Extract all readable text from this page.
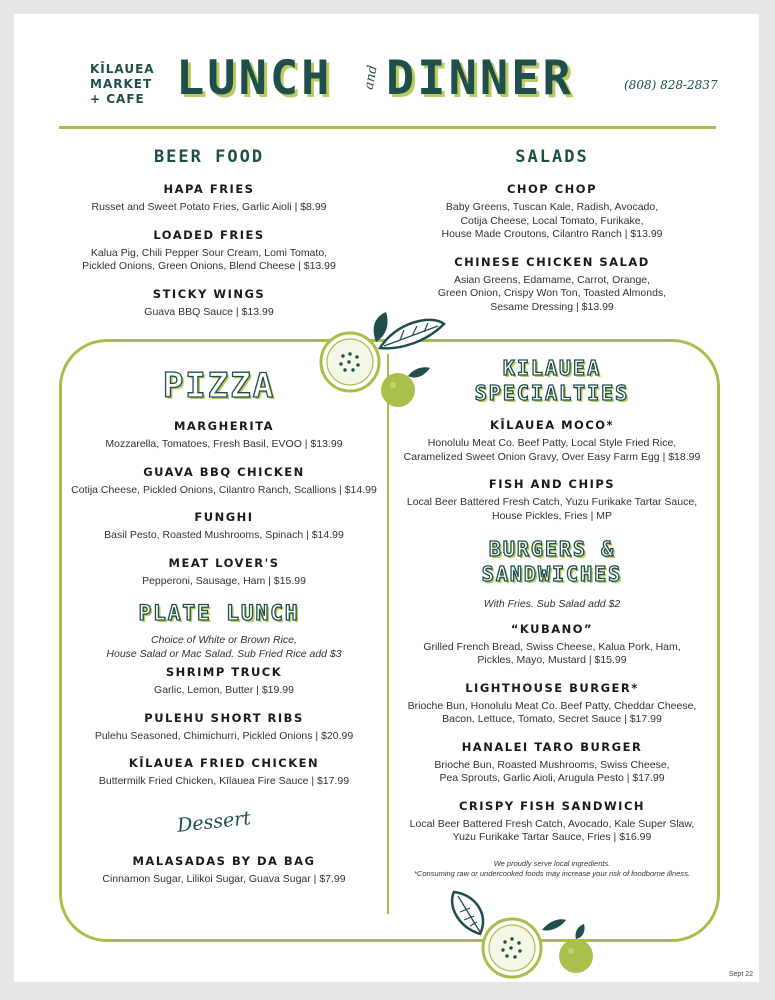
KĪLAUEA
MARKET
+ CAFE LUNCH and DINNER	(808) 828-2837
BEER FOOD
HAPA FRIES
Russet and Sweet Potato Fries, Garlic Aioli | $8.99
LOADED FRIES
Kalua Pig, Chili Pepper Sour Cream, Lomi Tomato,
Pickled Onions, Green Onions, Blend Cheese | $13.99
STICKY WINGS
Guava BBQ Sauce | $13.99
SALADS
CHOP CHOP
Baby Greens, Tuscan Kale, Radish, Avocado,
Cotija Cheese, Local Tomato, Furikake,
House Made Croutons, Cilantro Ranch | $13.99
CHINESE CHICKEN SALAD
Asian Greens, Edamame, Carrot, Orange,
Green Onion, Crispy Won Ton, Toasted Almonds,
Sesame Dressing | $13.99
PIZZA
MARGHERITA
Mozzarella, Tomatoes, Fresh Basil, EVOO | $13.99
GUAVA BBQ CHICKEN
Cotija Cheese, Pickled Onions, Cilantro Ranch, Scallions | $14.99
FUNGHI
Basil Pesto, Roasted Mushrooms, Spinach | $14.99
MEAT LOVER'S
Pepperoni, Sausage, Ham | $15.99
PLATE LUNCH
Choice of White or Brown Rice,
House Salad or Mac Salad. Sub Fried Rice add $3
SHRIMP TRUCK
Garlic, Lemon, Butter | $19.99
PULEHU SHORT RIBS
Pulehu Seasoned, Chimichurri, Pickled Onions | $20.99
KĪLAUEA FRIED CHICKEN
Buttermilk Fried Chicken, Kīlauea Fire Sauce | $17.99
Dessert
MALASADAS BY DA BAG
Cinnamon Sugar, Lilikoi Sugar, Guava Sugar | $7.99
KILAUEA
SPECIALTIES
KĪLAUEA MOCO*
Honolulu Meat Co. Beef Patty, Local Style Fried Rice,
Caramelized Sweet Onion Gravy, Over Easy Farm Egg | $18.99
FISH AND CHIPS
Local Beer Battered Fresh Catch, Yuzu Furikake Tartar Sauce,
House Pickles, Fries | MP
BURGERS &
SANDWICHES
With Fries. Sub Salad add $2
“KUBANO”
Grilled French Bread, Swiss Cheese, Kalua Pork, Ham,
Pickles, Mayo, Mustard | $15.99
LIGHTHOUSE BURGER*
Brioche Bun, Honolulu Meat Co. Beef Patty, Cheddar Cheese,
Bacon, Lettuce, Tomato, Secret Sauce | $17.99
HANALEI TARO BURGER
Brioche Bun, Roasted Mushrooms, Swiss Cheese,
Pea Sprouts, Garlic Aioli, Arugula Pesto | $17.99
CRISPY FISH SANDWICH
Local Beer Battered Fresh Catch, Avocado, Kale Super Slaw,
Yuzu Furikake Tartar Sauce, Fries | $16.99
We proudly serve local ingredients.
*Consuming raw or undercooked foods may increase your risk of foodborne illness.
Sept 22
